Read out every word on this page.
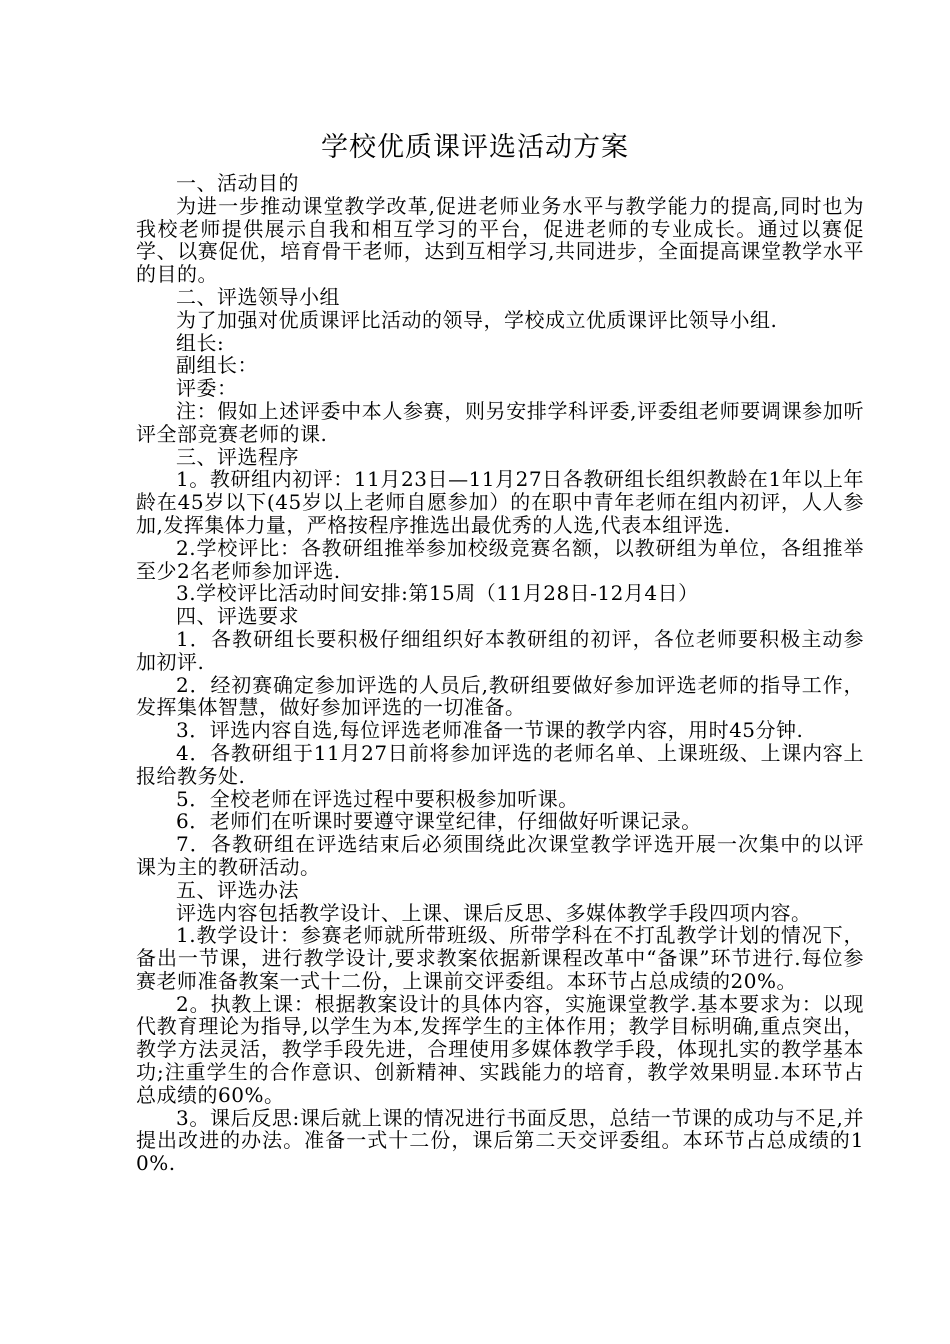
学校优质课评选活动方案

一、活动目的

为进一步推动课堂教学改革,促进老师业务水平与教学能力的提高,同时也为我校老师提供展示自我和相互学习的平台，促进老师的专业成长。通过以赛促学、以赛促优，培育骨干老师，达到互相学习,共同进步，全面提高课堂教学水平的目的。

二、评选领导小组

为了加强对优质课评比活动的领导，学校成立优质课评比领导小组.

组长:

副组长：

评委：

注：假如上述评委中本人参赛，则另安排学科评委,评委组老师要调课参加听评全部竞赛老师的课.

三、评选程序

1。教研组内初评：11月23日—11月27日各教研组长组织教龄在1年以上年龄在45岁以下(45岁以上老师自愿参加）的在职中青年老师在组内初评，人人参加,发挥集体力量，严格按程序推选出最优秀的人选,代表本组评选.

2.学校评比：各教研组推举参加校级竞赛名额，以教研组为单位，各组推举至少2名老师参加评选.

3.学校评比活动时间安排:第15周（11月28日-12月4日）

四、评选要求

1．各教研组长要积极仔细组织好本教研组的初评，各位老师要积极主动参加初评.

2．经初赛确定参加评选的人员后,教研组要做好参加评选老师的指导工作，发挥集体智慧，做好参加评选的一切准备。

3．评选内容自选,每位评选老师准备一节课的教学内容，用时45分钟.

4．各教研组于11月27日前将参加评选的老师名单、上课班级、上课内容上报给教务处.

5．全校老师在评选过程中要积极参加听课。

6．老师们在听课时要遵守课堂纪律，仔细做好听课记录。

7．各教研组在评选结束后必须围绕此次课堂教学评选开展一次集中的以评课为主的教研活动。

五、评选办法

评选内容包括教学设计、上课、课后反思、多媒体教学手段四项内容。

1.教学设计：参赛老师就所带班级、所带学科在不打乱教学计划的情况下，备出一节课，进行教学设计,要求教案依据新课程改革中“备课”环节进行.每位参赛老师准备教案一式十二份，上课前交评委组。本环节占总成绩的20%。

2。执教上课：根据教案设计的具体内容，实施课堂教学.基本要求为：以现代教育理论为指导,以学生为本,发挥学生的主体作用；教学目标明确,重点突出，教学方法灵活，教学手段先进，合理使用多媒体教学手段，体现扎实的教学基本功;注重学生的合作意识、创新精神、实践能力的培育，教学效果明显.本环节占总成绩的60%。

3。课后反思:课后就上课的情况进行书面反思，总结一节课的成功与不足,并提出改进的办法。准备一式十二份，课后第二天交评委组。本环节占总成绩的10%.
